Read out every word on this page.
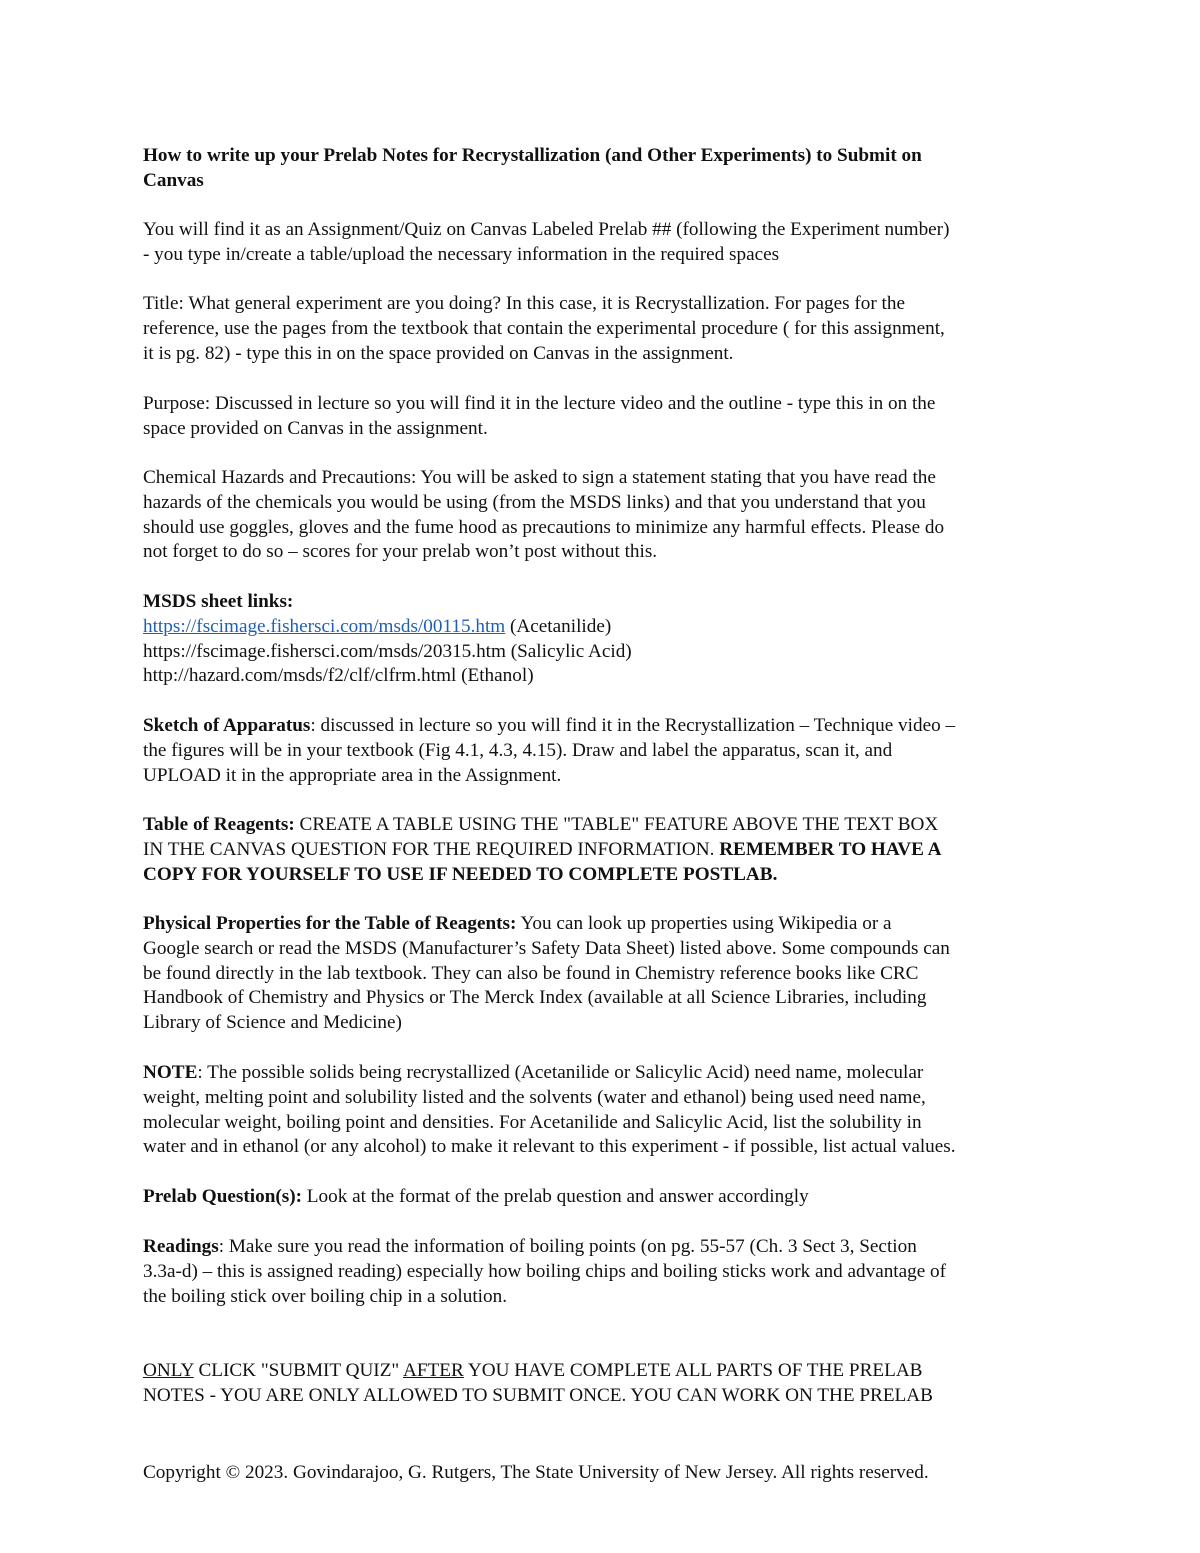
How to write up your Prelab Notes for Recrystallization (and Other Experiments) to Submit on
Canvas
You will find it as an Assignment/Quiz on Canvas Labeled Prelab ## (following the Experiment number)
- you type in/create a table/upload the necessary information in the required spaces
Title: What general experiment are you doing? In this case, it is Recrystallization. For pages for the
reference, use the pages from the textbook that contain the experimental procedure ( for this assignment,
it is pg. 82) - type this in on the space provided on Canvas in the assignment.
Purpose: Discussed in lecture so you will find it in the lecture video and the outline - type this in on the
space provided on Canvas in the assignment.
Chemical Hazards and Precautions: You will be asked to sign a statement stating that you have read the
hazards of the chemicals you would be using (from the MSDS links) and that you understand that you
should use goggles, gloves and the fume hood as precautions to minimize any harmful effects. Please do
not forget to do so – scores for your prelab won’t post without this.
MSDS sheet links:
https://fscimage.fishersci.com/msds/00115.htm (Acetanilide)
https://fscimage.fishersci.com/msds/20315.htm (Salicylic Acid)
http://hazard.com/msds/f2/clf/clfrm.html (Ethanol)
Sketch of Apparatus: discussed in lecture so you will find it in the Recrystallization – Technique video –
the figures will be in your textbook (Fig 4.1, 4.3, 4.15). Draw and label the apparatus, scan it, and
UPLOAD it in the appropriate area in the Assignment.
Table of Reagents: CREATE A TABLE USING THE "TABLE" FEATURE ABOVE THE TEXT BOX
IN THE CANVAS QUESTION FOR THE REQUIRED INFORMATION. REMEMBER TO HAVE A
COPY FOR YOURSELF TO USE IF NEEDED TO COMPLETE POSTLAB.
Physical Properties for the Table of Reagents: You can look up properties using Wikipedia or a
Google search or read the MSDS (Manufacturer’s Safety Data Sheet) listed above. Some compounds can
be found directly in the lab textbook. They can also be found in Chemistry reference books like CRC
Handbook of Chemistry and Physics or The Merck Index (available at all Science Libraries, including
Library of Science and Medicine)
NOTE: The possible solids being recrystallized (Acetanilide or Salicylic Acid) need name, molecular
weight, melting point and solubility listed and the solvents (water and ethanol) being used need name,
molecular weight, boiling point and densities. For Acetanilide and Salicylic Acid, list the solubility in
water and in ethanol (or any alcohol) to make it relevant to this experiment - if possible, list actual values.
Prelab Question(s): Look at the format of the prelab question and answer accordingly
Readings: Make sure you read the information of boiling points (on pg. 55-57 (Ch. 3 Sect 3, Section
3.3a-d) – this is assigned reading) especially how boiling chips and boiling sticks work and advantage of
the boiling stick over boiling chip in a solution.
ONLY CLICK "SUBMIT QUIZ" AFTER YOU HAVE COMPLETE ALL PARTS OF THE PRELAB
NOTES - YOU ARE ONLY ALLOWED TO SUBMIT ONCE. YOU CAN WORK ON THE PRELAB
Copyright © 2023. Govindarajoo, G. Rutgers, The State University of New Jersey. All rights reserved.
